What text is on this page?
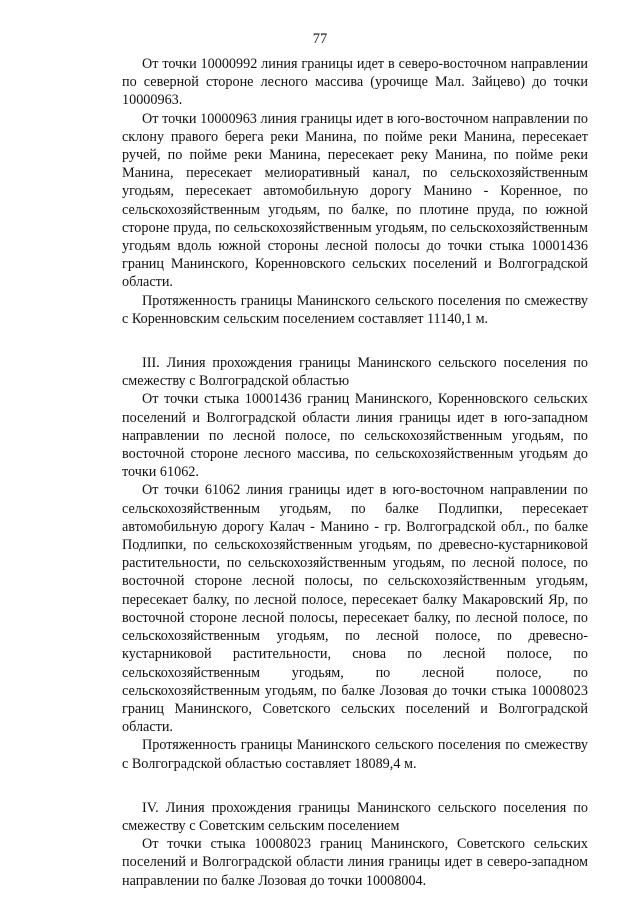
77

От точки 10000992 линия границы идет в северо-восточном направлении по северной стороне лесного массива (урочище Мал. Зайцево) до точки 10000963.

От точки 10000963 линия границы идет в юго-восточном направлении по склону правого берега реки Манина, по пойме реки Манина, пересекает ручей, по пойме реки Манина, пересекает реку Манина, по пойме реки Манина, пересекает мелиоративный канал, по сельскохозяйственным угодьям, пересекает автомобильную дорогу Манино - Коренное, по сельскохозяйственным угодьям, по балке, по плотине пруда, по южной стороне пруда, по сельскохозяйственным угодьям, по сельскохозяйственным угодьям вдоль южной стороны лесной полосы до точки стыка 10001436 границ Манинского, Коренновского сельских поселений и Волгоградской области.

Протяженность границы Манинского сельского поселения по смежеству с Коренновским сельским поселением составляет 11140,1 м.

III. Линия прохождения границы Манинского сельского поселения по смежеству с Волгоградской областью

От точки стыка 10001436 границ Манинского, Коренновского сельских поселений и Волгоградской области линия границы идет в юго-западном направлении по лесной полосе, по сельскохозяйственным угодьям, по восточной стороне лесного массива, по сельскохозяйственным угодьям до точки 61062.

От точки 61062 линия границы идет в юго-восточном направлении по сельскохозяйственным угодьям, по балке Подлипки, пересекает автомобильную дорогу Калач - Манино - гр. Волгоградской обл., по балке Подлипки, по сельскохозяйственным угодьям, по древесно-кустарниковой растительности, по сельскохозяйственным угодьям, по лесной полосе, по восточной стороне лесной полосы, по сельскохозяйственным угодьям, пересекает балку, по лесной полосе, пересекает балку Макаровский Яр, по восточной стороне лесной полосы, пересекает балку, по лесной полосе, по сельскохозяйственным угодьям, по лесной полосе, по древесно-кустарниковой растительности, снова по лесной полосе, по сельскохозяйственным угодьям, по лесной полосе, по сельскохозяйственным угодьям, по балке Лозовая до точки стыка 10008023 границ Манинского, Советского сельских поселений и Волгоградской области.

Протяженность границы Манинского сельского поселения по смежеству с Волгоградской областью составляет 18089,4 м.

IV. Линия прохождения границы Манинского сельского поселения по смежеству с Советским сельским поселением

От точки стыка 10008023 границ Манинского, Советского сельских поселений и Волгоградской области линия границы идет в северо-западном направлении по балке Лозовая до точки 10008004.
